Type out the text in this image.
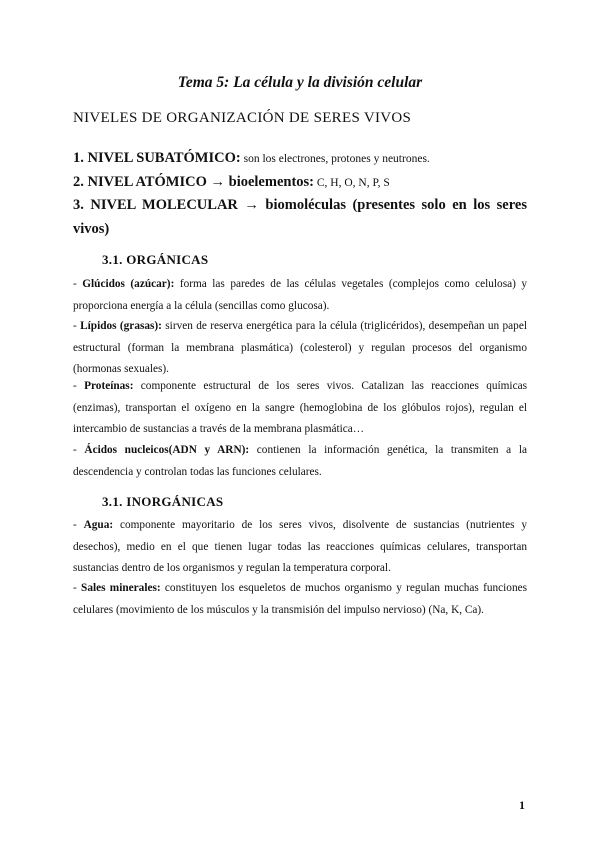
Tema 5: La célula y la división celular
NIVELES DE ORGANIZACIÓN DE SERES VIVOS
1. NIVEL SUBATÓMICO: son los electrones, protones y neutrones.
2. NIVEL ATÓMICO → bioelementos: C, H, O, N, P, S
3. NIVEL MOLECULAR → biomoléculas (presentes solo en los seres vivos)
3.1. ORGÁNICAS
- Glúcidos (azúcar): forma las paredes de las células vegetales (complejos como celulosa) y proporciona energía a la célula (sencillas como glucosa).
- Lípidos (grasas): sirven de reserva energética para la célula (triglicéridos), desempeñan un papel estructural (forman la membrana plasmática) (colesterol) y regulan procesos del organismo (hormonas sexuales).
- Proteínas: componente estructural de los seres vivos. Catalizan las reacciones químicas (enzimas), transportan el oxígeno en la sangre (hemoglobina de los glóbulos rojos), regulan el intercambio de sustancias a través de la membrana plasmática…
- Ácidos nucleicos(ADN y ARN): contienen la información genética, la transmiten a la descendencia y controlan todas las funciones celulares.
3.1. INORGÁNICAS
- Agua: componente mayoritario de los seres vivos, disolvente de sustancias (nutrientes y desechos), medio en el que tienen lugar todas las reacciones químicas celulares, transportan sustancias dentro de los organismos y regulan la temperatura corporal.
- Sales minerales: constituyen los esqueletos de muchos organismo y regulan muchas funciones celulares (movimiento de los músculos y la transmisión del impulso nervioso) (Na, K, Ca).
1
